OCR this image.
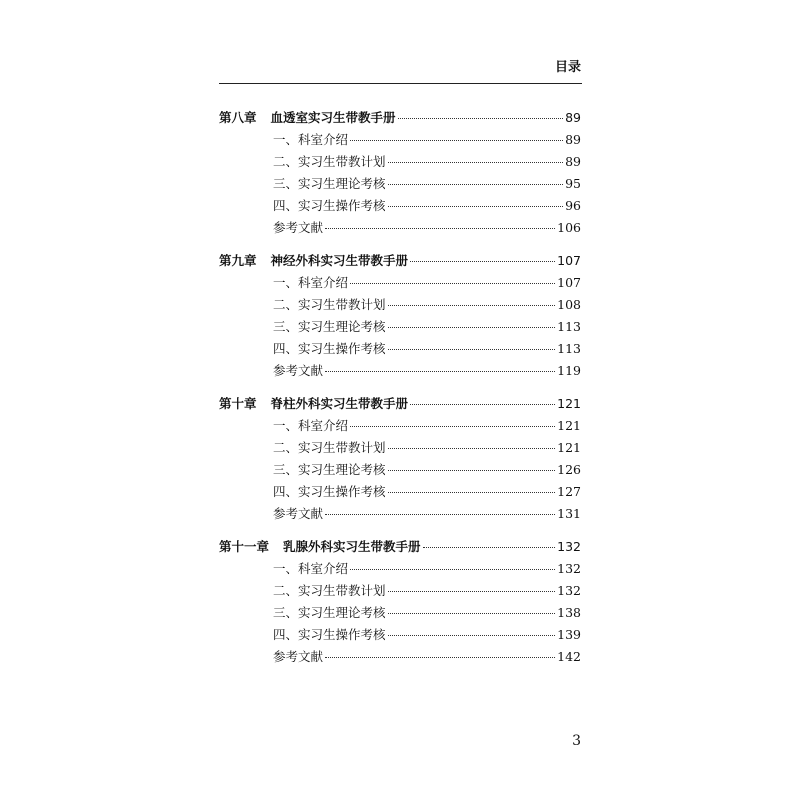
目录
第八章 血透室实习生带教手册	89
一、科室介绍	89
二、实习生带教计划	89
三、实习生理论考核	95
四、实习生操作考核	96
参考文献	106
第九章 神经外科实习生带教手册	107
一、科室介绍	107
二、实习生带教计划	108
三、实习生理论考核	113
四、实习生操作考核	113
参考文献	119
第十章 脊柱外科实习生带教手册	121
一、科室介绍	121
二、实习生带教计划	121
三、实习生理论考核	126
四、实习生操作考核	127
参考文献	131
第十一章 乳腺外科实习生带教手册	132
一、科室介绍	132
二、实习生带教计划	132
三、实习生理论考核	138
四、实习生操作考核	139
参考文献	142
3
